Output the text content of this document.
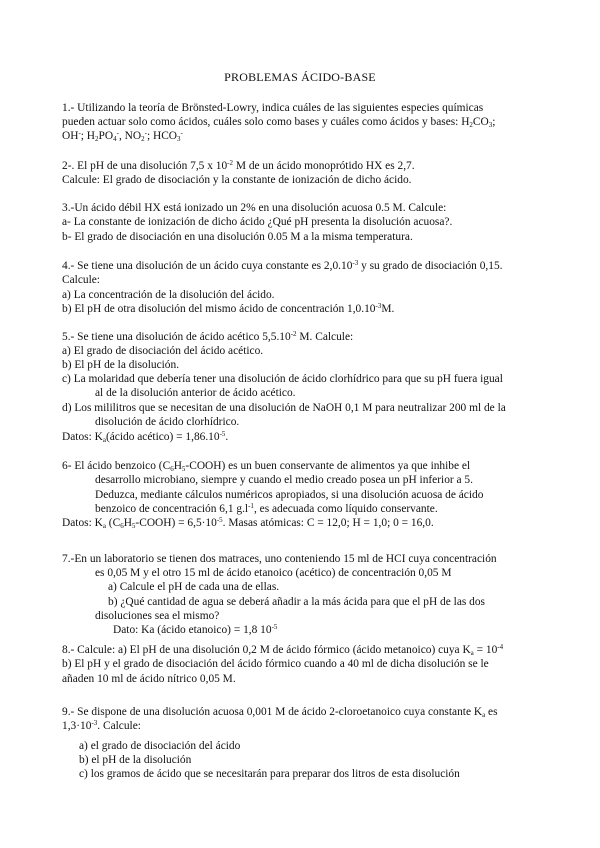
PROBLEMAS ÁCIDO-BASE
1.- Utilizando la teoría de Brönsted-Lowry, indica cuáles de las siguientes especies químicas
pueden actuar solo como ácidos, cuáles solo como bases y cuáles como ácidos y bases: $H_2CO_3$;
OH-; $H_2PO_4^-$, $NO_2^-$; $HCO_3^-$
2-. El pH de una disolución 7,5 x $10^{-2}$ M de un ácido monoprótido HX es 2,7.
Calcule: El grado de disociación y la constante de ionización de dicho ácido.
3.-Un ácido débil HX está ionizado un 2% en una disolución acuosa 0.5 M. Calcule:
a- La constante de ionización de dicho ácido ¿Qué pH presenta la disolución acuosa?.
b- El grado de disociación en una disolución 0.05 M a la misma temperatura.
4.- Se tiene una disolución de un ácido cuya constante es $2,0.10^{-3}$ y su grado de disociación 0,15.
Calcule:
a) La concentración de la disolución del ácido.
b) El pH de otra disolución del mismo ácido de concentración $1,0.10^{-3}M$.
5.- Se tiene una disolución de ácido acético $5,5.10^{-2}$ M. Calcule:
a) El grado de disociación del ácido acético.
b) El pH de la disolución.
c) La molaridad que debería tener una disolución de ácido clorhídrico para que su pH fuera igual
al de la disolución anterior de ácido acético.
d) Los mililitros que se necesitan de una disolución de NaOH 0,1 M para neutralizar 200 ml de la
disolución de ácido clorhídrico.
Datos: $K_a(ácido$ acético) = $1,86.10^{-5}$.
6- El ácido benzoico $(C_6H_5-COOH)$ es un buen conservante de alimentos ya que inhibe el
desarrollo microbiano, siempre y cuando el medio creado posea un pH inferior a 5.
Deduzca, mediante cálculos numéricos apropiados, si una disolución acuosa de ácido
benzoico de concentración 6,1 $g.l^{-1}$, es adecuada como líquido conservante.
Datos: $K_a$ $(C_6H_5-COOH) = 6,5\cdot 10^{-5}$. Masas atómicas: C = 12,0; H = 1,0; 0 = 16,0.
7.-En un laboratorio se tienen dos matraces, uno conteniendo 15 ml de HCI cuya concentración
es 0,05 M y el otro 15 ml de ácido etanoico (acético) de concentración 0,05 M
a) Calcule el pH de cada una de ellas.
b) ¿Qué cantidad de agua se deberá añadir a la más ácida para que el pH de las dos
disoluciones sea el mismo?
Dato: Ka (ácido etanoico) = 1,8 $10^{-5}$
8.- Calcule: a) El pH de una disolución 0,2 M de ácido fórmico (ácido metanoico) cuya $K_a = 10^{-4}$
b) El pH y el grado de disociación del ácido fórmico cuando a 40 ml de dicha disolución se le
añaden 10 ml de ácido nítrico 0,05 M.
9.- Se dispone de una disolución acuosa 0,001 M de ácido 2-cloroetanoico cuya constante $K_a$ es
$1,3\cdot 10^{-3}$. Calcule:
a) el grado de disociación del ácido
b) el pH de la disolución
c) los gramos de ácido que se necesitarán para preparar dos litros de esta disolución
